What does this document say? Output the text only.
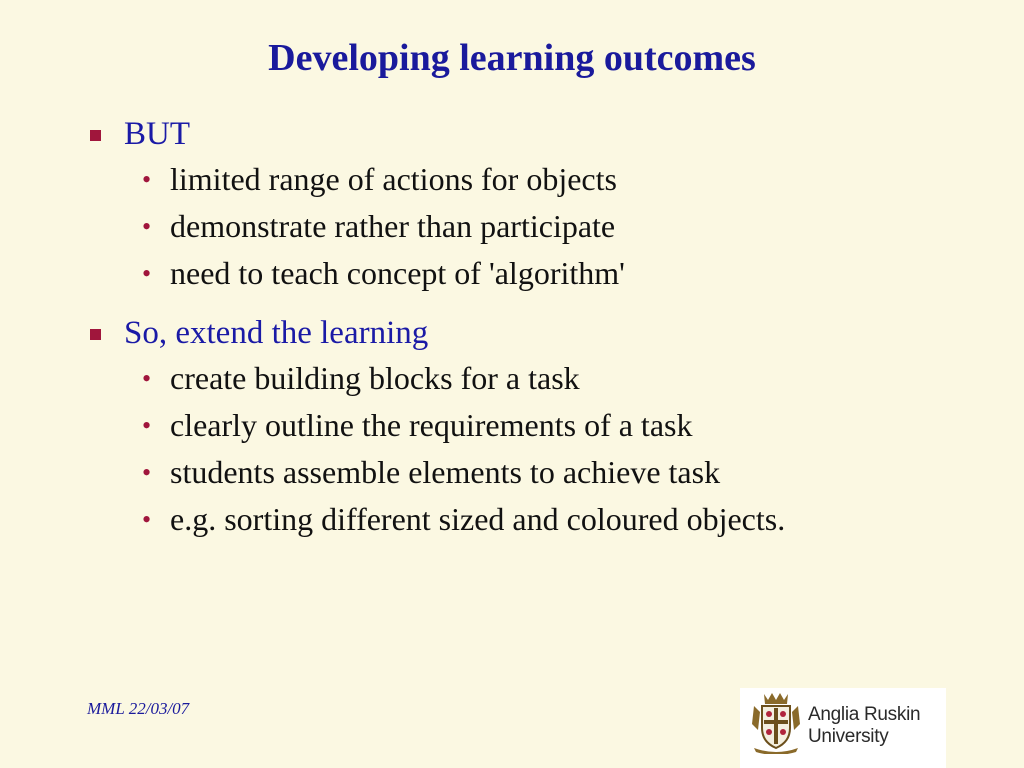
Developing learning outcomes
BUT
• limited range of actions for objects
• demonstrate rather than participate
• need to teach concept of 'algorithm'
So, extend the learning
• create building blocks for a task
• clearly outline the requirements of a task
• students assemble elements to achieve task
• e.g. sorting different sized and coloured objects.
MML 22/03/07	Anglia Ruskin
University
